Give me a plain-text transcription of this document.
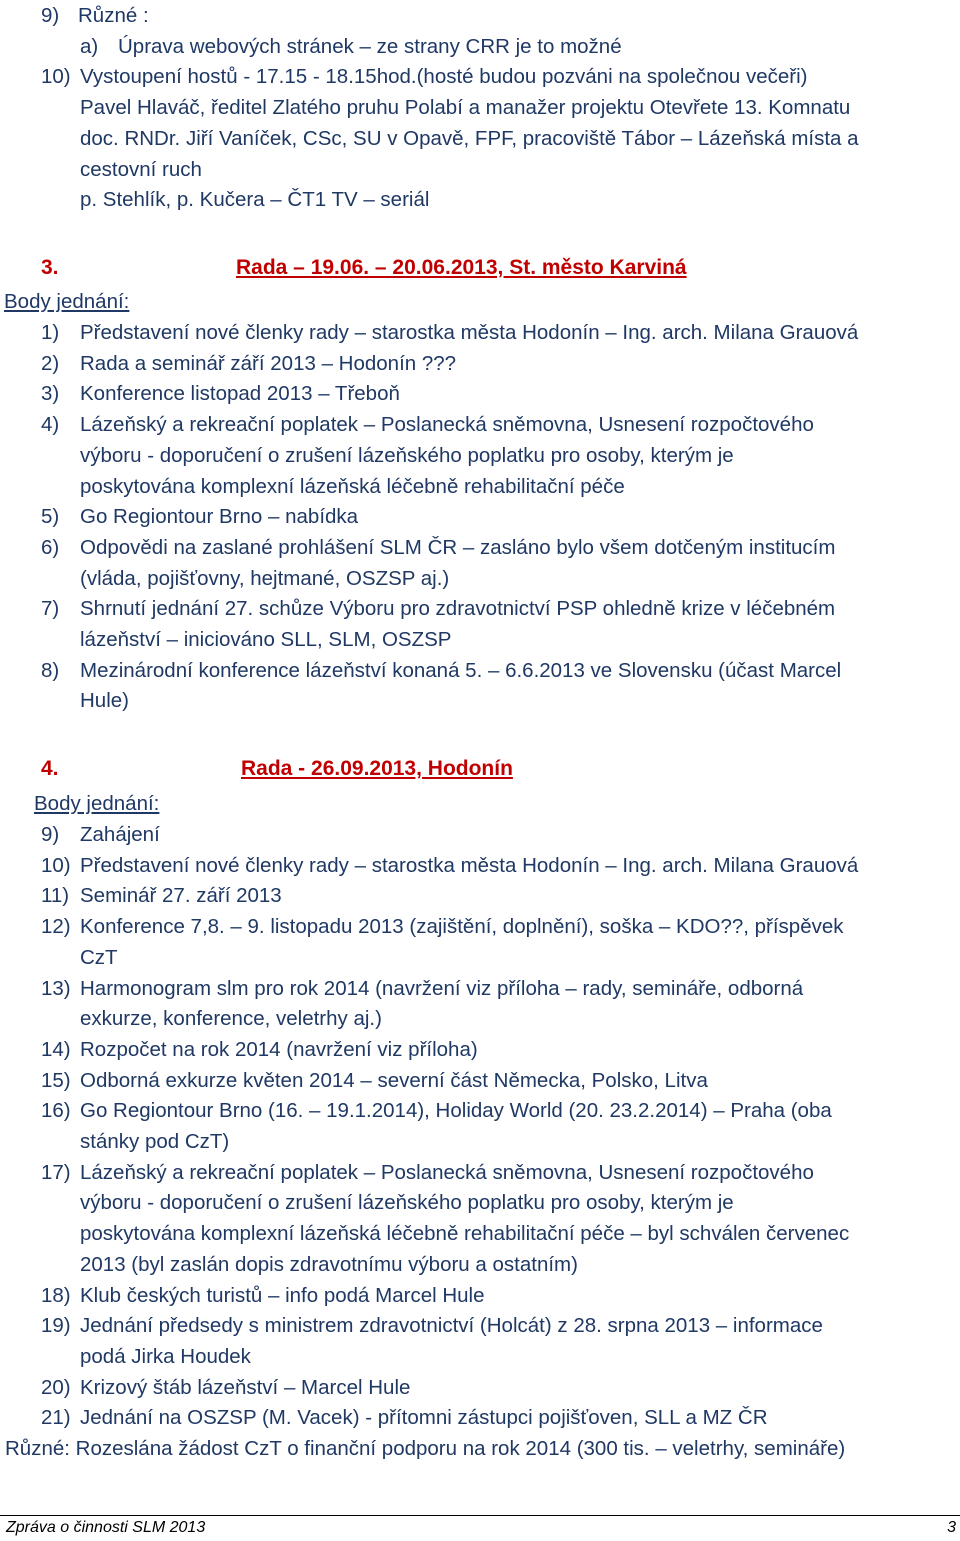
9) Různé :
a) Úprava webových stránek – ze strany CRR je to možné
10) Vystoupení hostů - 17.15 - 18.15hod.(hosté budou pozváni na společnou večeři)
Pavel Hlaváč, ředitel Zlatého pruhu Polabí a manažer projektu Otevřete 13. Komnatu
doc. RNDr. Jiří Vaníček, CSc, SU v Opavě, FPF, pracoviště Tábor – Lázeňská místa a
cestovní ruch
p. Stehlík, p. Kučera – ČT1 TV – seriál
3.	Rada – 19.06. – 20.06.2013, St. město Karviná
Body jednání:
1) Představení nové členky rady – starostka města Hodonín – Ing. arch. Milana Grauová
2) Rada a seminář září 2013 – Hodonín ???
3) Konference listopad 2013 – Třeboň
4) Lázeňský a rekreační poplatek – Poslanecká sněmovna, Usnesení rozpočtového
výboru - doporučení o zrušení lázeňského poplatku pro osoby, kterým je
poskytována komplexní lázeňská léčebně rehabilitační péče
5) Go Regiontour Brno – nabídka
6) Odpovědi na zaslané prohlášení SLM ČR – zasláno bylo všem dotčeným institucím
(vláda, pojišťovny, hejtmané, OSZSP aj.)
7) Shrnutí jednání 27. schůze Výboru pro zdravotnictví PSP ohledně krize v léčebném
lázeňství – iniciováno SLL, SLM, OSZSP
8) Mezinárodní konference lázeňství konaná 5. – 6.6.2013 ve Slovensku (účast Marcel
Hule)
4.	Rada - 26.09.2013, Hodonín
Body jednání:
9) Zahájení
10) Představení nové členky rady – starostka města Hodonín – Ing. arch. Milana Grauová
11) Seminář 27. září 2013
12) Konference 7,8. – 9. listopadu 2013 (zajištění, doplnění), soška – KDO??, příspěvek
CzT
13) Harmonogram slm pro rok 2014 (navržení viz příloha – rady, semináře, odborná
exkurze, konference, veletrhy aj.)
14) Rozpočet na rok 2014 (navržení viz příloha)
15) Odborná exkurze květen 2014 – severní část Německa, Polsko, Litva
16) Go Regiontour Brno (16. – 19.1.2014), Holiday World (20. 23.2.2014) – Praha (oba
stánky pod CzT)
17) Lázeňský a rekreační poplatek – Poslanecká sněmovna, Usnesení rozpočtového
výboru - doporučení o zrušení lázeňského poplatku pro osoby, kterým je
poskytována komplexní lázeňská léčebně rehabilitační péče – byl schválen červenec
2013 (byl zaslán dopis zdravotnímu výboru a ostatním)
18) Klub českých turistů – info podá Marcel Hule
19) Jednání předsedy s ministrem zdravotnictví (Holcát) z 28. srpna 2013 – informace
podá Jirka Houdek
20) Krizový štáb lázeňství – Marcel Hule
21) Jednání na OSZSP (M. Vacek) - přítomni zástupci pojišťoven, SLL a MZ ČR
Různé: Rozeslána žádost CzT o finanční podporu na rok 2014 (300 tis. – veletrhy, semináře)
Zpráva o činnosti SLM 2013	3
